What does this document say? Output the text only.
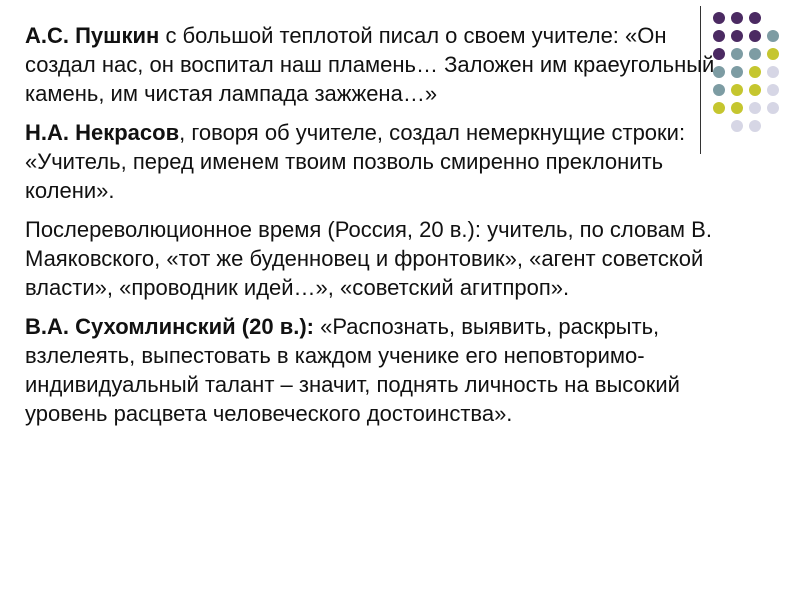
А.С. Пушкин с большой теплотой писал о своем учителе: «Он создал нас, он воспитал наш пламень… Заложен им краеугольный камень, им чистая лампада зажжена…»

Н.А. Некрасов, говоря об учителе, создал немеркнущие строки: «Учитель, перед именем твоим позволь смиренно преклонить колени».

Послереволюционное время (Россия, 20 в.): учитель, по словам В. Маяковского, «тот же буденновец и фронтовик», «агент советской власти», «проводник идей…», «советский агитпроп».

В.А. Сухомлинский (20 в.): «Распознать, выявить, раскрыть, взлелеять, выпестовать в каждом ученике его неповторимо-индивидуальный талант – значит, поднять личность на высокий уровень расцвета человеческого достоинства».
